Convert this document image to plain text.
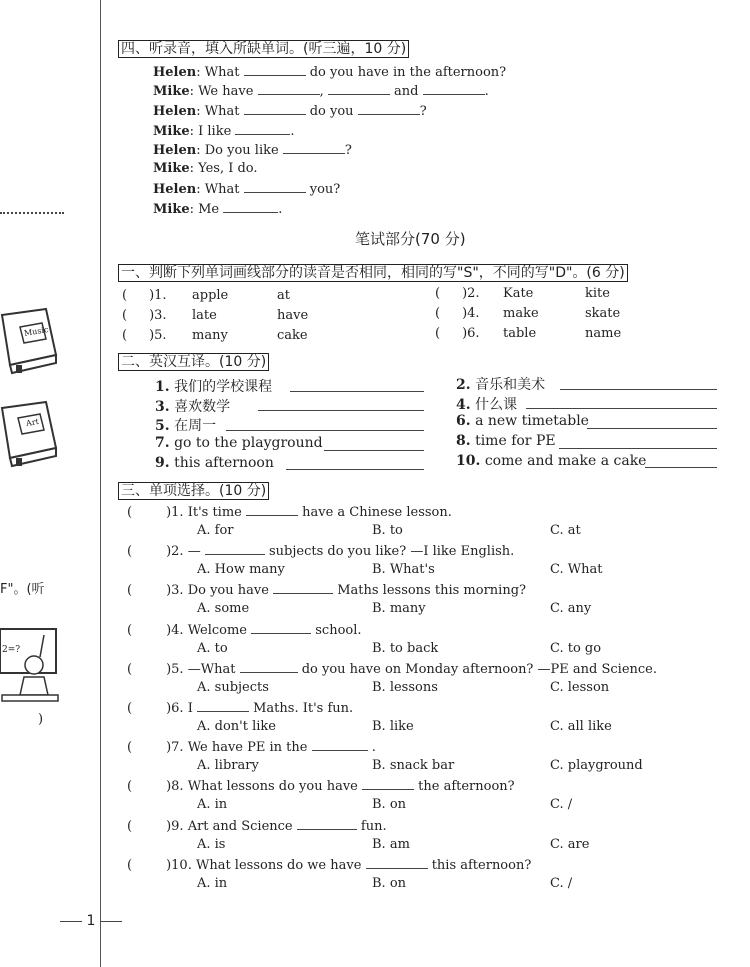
Music
Art
F"。(听
2=?
)
四、听录音，填入所缺单词。(听三遍，10 分)
Helen: What	do you have in the afternoon?
Mike: We have	,	and	.
Helen: What	do you	?
Mike: I like	.
Helen: Do you like	?
Mike: Yes, I do.
Helen: What	you?
Mike: Me	.
笔试部分(70 分)
一、判断下列单词画线部分的读音是否相同，相同的写"S"，不同的写"D"。(6 分)
( )1. apple	at
( )3. late	have
( )5. many	cake
( )2. Kate	kite
( )4. make	skate
( )6. table	name
二、英汉互译。(10 分)
1. 我们的学校课程
3. 喜欢数学
5. 在周一
7. go to the playground
9. this afternoon
2. 音乐和美术
4. 什么课
6. a new timetable
8. time for PE
10. come and make a cake
三、单项选择。(10 分)
(	)1. It's time	have a Chinese lesson.
A. for	B. to	C. at
(	)2. —	subjects do you like? —I like English.
A. How many	B. What's	C. What
(	)3. Do you have	Maths lessons this morning?
A. some	B. many	C. any
(	)4. Welcome	school.
A. to	B. to back	C. to go
(	)5. —What	do you have on Monday afternoon? —PE and Science.
A. subjects	B. lessons	C. lesson
(	)6. I	Maths. It's fun.
A. don't like	B. like	C. all like
(	)7. We have PE in the	.
A. library	B. snack bar	C. playground
(	)8. What lessons do you have	the afternoon?
A. in	B. on	C. /
(	)9. Art and Science	fun.
A. is	B. am	C. are
(	)10. What lessons do we have	this afternoon?
A. in	B. on	C. /
1
